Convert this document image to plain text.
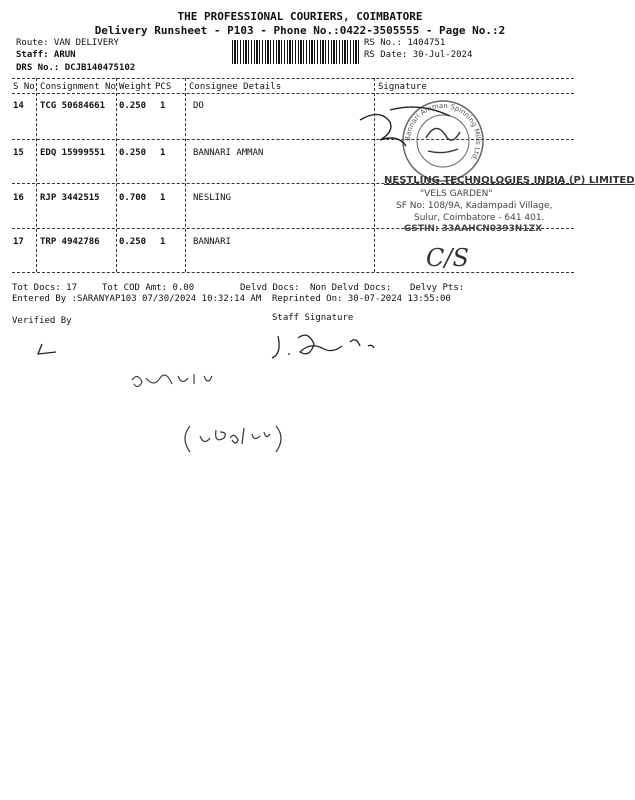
THE PROFESSIONAL COURIERS, COIMBATORE
Delivery Runsheet - P103 - Phone No.:0422-3505555 - Page No.:2
Route: VAN DELIVERY
Staff: ARUN
DRS No.: DCJB140475102
RS No.: 1404751
RS Date: 30-Jul-2024
S No Consignment No Weight PCS Consignee Details	Signature
14 TCG 50684661 0.250 1	DO
15 EDQ 15999551 0.250 1	BANNARI AMMAN
16 RJP 3442515 0.700 1	NESLING
17 TRP 4942786 0.250 1	BANNARI
Bannari Amman Spinning Mills Ltd.
NESTLING TECHNOLOGIES INDIA (P) LIMITED
"VELS GARDEN"
SF No: 108/9A, Kadampadi Village,
Sulur, Coimbatore - 641 401.
GSTIN: 33AAHCN0393N1ZX
C/S
Tot Docs: 17	Tot COD Amt: 0.00	Delvd Docs: Non Delvd Docs: Delvy Pts:
Entered By :SARANYAP103 07/30/2024 10:32:14 AM Reprinted On: 30-07-2024 13:55:00
Verified By	Staff Signature
